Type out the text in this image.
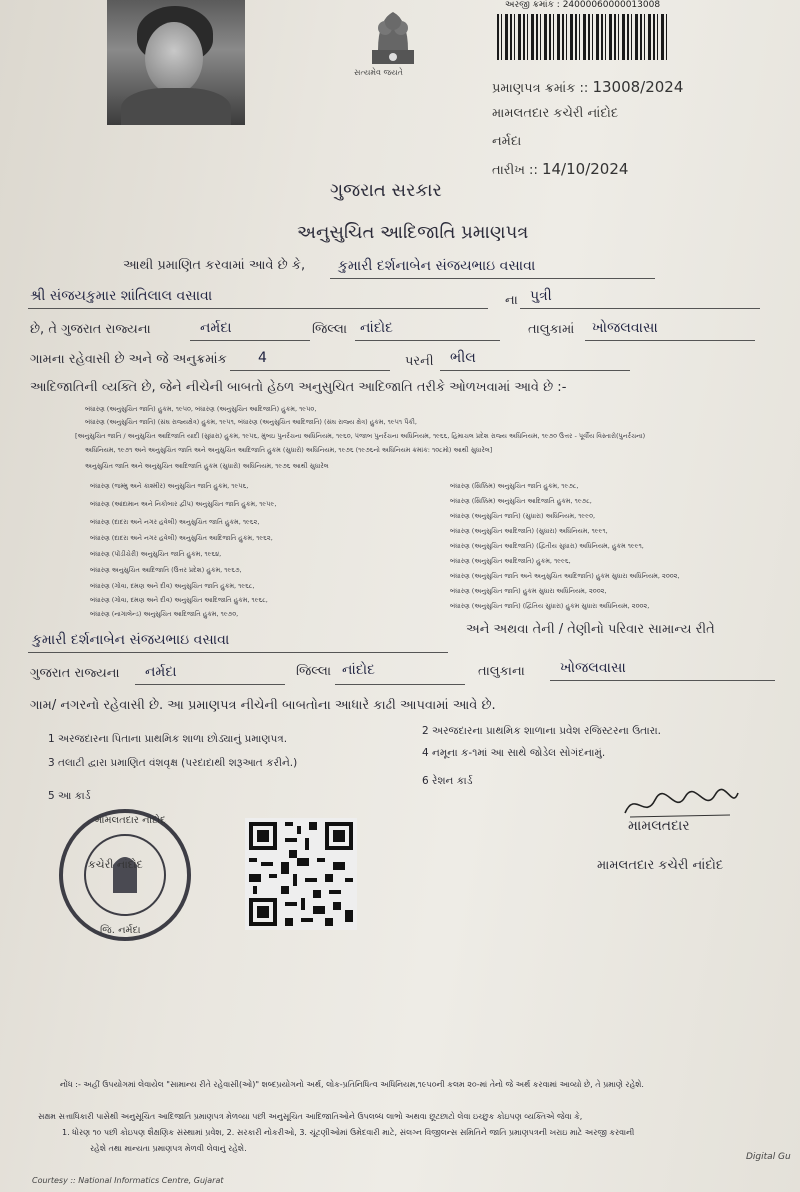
સત્યમેવ જયતે
અરજી ક્રમાંક : 24000060000013008
પ્રમાણપત્ર ક્રમાંક :: 13008/2024
મામલતદાર કચેરી નાંદોદ
નર્મદા
તારીખ :: 14/10/2024
ગુજરાત સરકાર
અનુસુચિત આદિજાતિ પ્રમાણપત્ર
આથી પ્રમાણિત કરવામાં આવે છે કે, કુમારી દર્શનાબેન સંજયભાઇ વસાવા
શ્રી સંજયકુમાર શાંતિલાલ વસાવા	ના પુત્રી
છે, તે ગુજરાત રાજ્યના	નર્મદા	જિલ્લા નાંદોદ	તાલુકામાં ખોજલવાસા
ગામના રહેવાસી છે અને જે અનુક્રમાંક 4	પરની ભીલ
આદિજાતિની વ્યક્તિ છે, જેને નીચેની બાબતો હેઠળ અનુસુચિત આદિજાતિ તરીકે ઓળખવામાં આવે છે :-
બંધારણ (અનુસુચિત જાતિ) હુકમ, ૧૯૫૦, બંધારણ (અનુસુચિત આદિજાતિ) હુકમ, ૧૯૫૦,
બંધારણ (અનુસુચિત જાતિ) (સંઘ રાજ્યક્ષેત્ર) હુકમ, ૧૯૫૧, બંધારણ (અનુસુચિત આદિજાતિ) (સંઘ રાજ્ય ક્ષેત્ર) હુકમ, ૧૯૫૧ પૈકી,
[અનુસુચિત જાતિ / અનુસુચિત આદિજાતિ યાદી (સુધારા) હુકમ, ૧૯૫૬, મુંબઇ પુનર્રચના અધિનિયમ, ૧૯૬૦, પંજાબ પુનર્રચના અધિનિયમ, ૧૯૬૬, હિમાચલ પ્રદેશ રાજ્ય અધિનિયમ, ૧૯૭૦ ઉત્તર - પૂર્વીય વિસ્તારો(પુનર્રચના)
અધિનિયમ, ૧૯૭૧ અને અનુસુચિત જાતિ અને અનુસુચિત આદિજાતિ હુકમ (સુધારો) અધિનિયમ, ૧૯૭૬ (૧૯૭૬નો અધિનિયમ ક્રમાંક: ૧૦૮મો) આથી સુધારેલ]
અનુસુચિત જાતિ અને અનુસુચિત આદિજાતિ હુકમ (સુધારો) અધિનિયમ, ૧૯૭૬ આથી સુધારેલ
બંધારણ (જમ્મુ અને કાશ્મીર) અનુસુચિત જાતિ હુકમ, ૧૯૫૬,
બંધારણ (આંદામાન અને નિકોબાર દ્વીપ) અનુસુચિત જાતિ હુકમ, ૧૯૫૯,
બંધારણ (દાદરા અને નગર હવેલી) અનુસુચિત જાતિ હુકમ, ૧૯૬૨,
બંધારણ (દાદરા અને નગર હવેલી) અનુસુચિત આદિજાતિ હુકમ, ૧૯૬૨,
બંધારણ (પોંડીચેરી) અનુસુચિત જાતિ હુકમ, ૧૯૬૪,
બંધારણ અનુસુચિત આદિજાતિ (ઉત્તર પ્રદેશ) હુકમ, ૧૯૬૭,
બંધારણ (ગોવા, દમણ અને દીવ) અનુસુચિત જાતિ હુકમ, ૧૯૬૮,
બંધારણ (ગોવા, દમણ અને દીવ) અનુસુચિત આદિજાતિ હુકમ, ૧૯૬૮,
બંધારણ (નાગાલેન્ડ) અનુસુચિત આદિજાતિ હુકમ, ૧૯૭૦,
બંધારણ (સિક્કિમ) અનુસુચિત જાતિ હુકમ, ૧૯૭૮,
બંધારણ (સિક્કિમ) અનુસુચિત આદિજાતિ હુકમ, ૧૯૭૮,
બંધારણ (અનુસુચિત જાતિ) (સુધારા) અધિનિયમ, ૧૯૯૦,
બંધારણ (અનુસુચિત આદિજાતિ) (સુધારા) અધિનિયમ, ૧૯૯૧,
બંધારણ (અનુસુચિત આદિજાતિ) (દ્વિતીય સુધારા) અધિનિયમ, હુકમ ૧૯૯૧,
બંધારણ (અનુસુચિત આદિજાતિ) હુકમ, ૧૯૯૬,
બંધારણ (અનુસુચિત જાતિ અને અનુસુચિત આદિજાતિ) હુકમ સુધારા અધિનિયમ, ૨૦૦૨,
બંધારણ (અનુસુચિત જાતિ) હુકમ સુધારા અધિનિયમ, ૨૦૦૨,
બંધારણ (અનુસુચિત જાતિ) (દ્વિતિય સુધારા) હુકમ સુધારા અધિનિયમ, ૨૦૦૨,
કુમારી દર્શનાબેન સંજયભાઇ વસાવા
અને અથવા તેની / તેણીનો પરિવાર સામાન્ય રીતે
ગુજરાત રાજ્યના નર્મદા	જિલ્લા નાંદોદ	તાલુકાના	ખોજલવાસા
ગામ/ નગરનો રહેવાસી છે. આ પ્રમાણપત્ર નીચેની બાબતોના આધારે કાઢી આપવામાં આવે છે.
1 અરજદારના પિતાના પ્રાથમિક શાળા છોડ્યાનું પ્રમાણપત્ર.
2 અરજદારના પ્રાથમિક શાળાના પ્રવેશ રજિસ્ટરના ઉતારા.
3 તલાટી દ્વારા પ્રમાણિત વંશવૃક્ષ (પરદાદાથી શરૂઆત કરીને.)
4 નમૂના ક-૧માં આ સાથે જોડેલ સોગંદનામું.
5 આ કાર્ડ
6 રેશન કાર્ડ
મામલતદાર
મામલતદાર કચેરી નાંદોદ
મામલતદાર નાંદોદ
કચેરી નાંદોદ
જિ. નર્મદા
નોંધ :- અહીં ઉપયોગમાં લેવાયેલ "સામાન્ય રીતે રહેવાસી(ઓ)" શબ્દપ્રયોગનો અર્થ, લોક-પ્રતિનિધિત્વ અધિનિયમ,૧૯૫૦ની કલમ ૨૦-માં તેનો જે અર્થ કરવામાં આવ્યો છે, તે પ્રમાણે રહેશે.
સક્ષમ સત્તાધિકારી પાસેથી અનુસૂચિત આદિજાતિ પ્રમાણપત્ર મેળવ્યા પછી અનુસૂચિત આદિજાતિઓને ઉપલબ્ધ લાભો અથવા છૂટછાટો લેવા ઇચ્છુક કોઇપણ વ્યક્તિએ જેવા કે,
1. ધોરણ ૧૦ પછી કોઇપણ શૈક્ષણિક સંસ્થામાં પ્રવેશ, 2. સરકારી નોકરીઓ, 3. ચૂંટણીઓમાં ઉમેદવારી માટે, સંલગ્ન વિજીલન્સ સમિતિને જાતિ પ્રમાણપત્રની ખરાઇ માટે અરજી કરવાની
રહેશે તથા માન્યતા પ્રમાણપત્ર મેળવી લેવાનું રહેશે.
Courtesy :: National Informatics Centre, Gujarat
Digital Gu
